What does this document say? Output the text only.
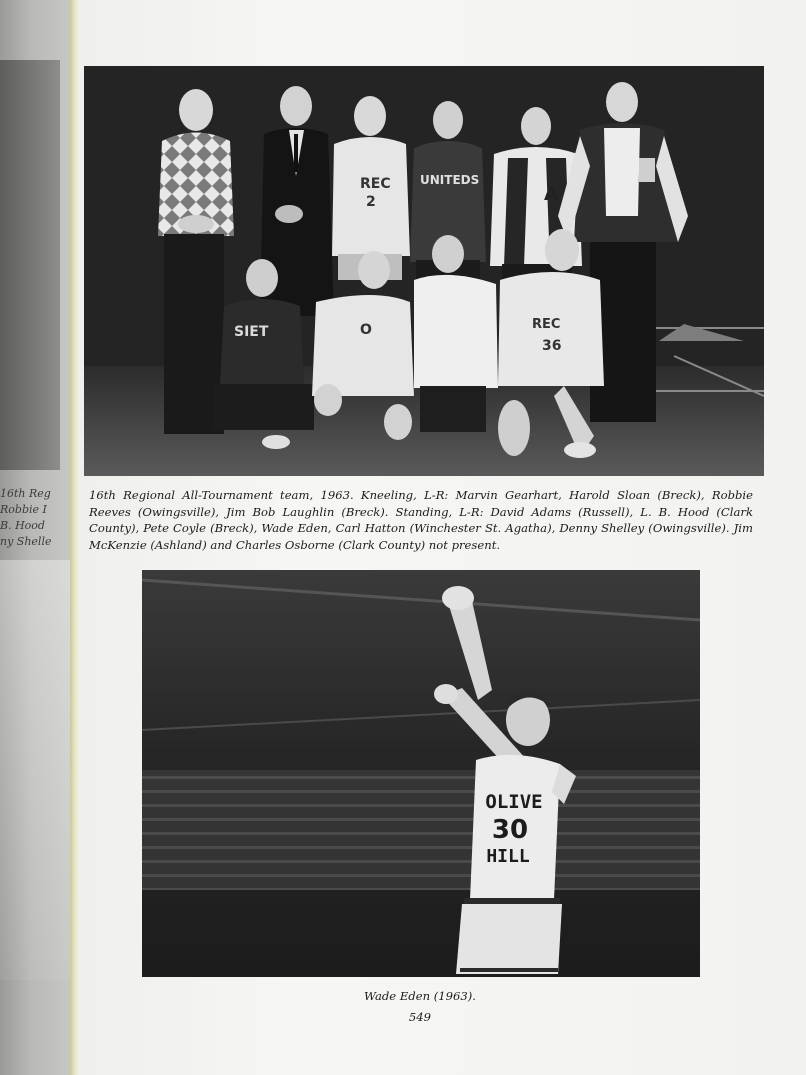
16th Reg
Robbie I
B. Hood
ny Shelle
REC
2
UNITEDS
A
SIET	O	REC
36
16th Regional All-Tournament team, 1963. Kneeling, L-R: Marvin Gearhart, Harold Sloan (Breck), Robbie Reeves (Owingsville), Jim Bob Laughlin (Breck). Standing, L-R: David Adams (Russell), L. B. Hood (Clark County), Pete Coyle (Breck), Wade Eden, Carl Hatton (Winchester St. Agatha), Denny Shelley (Owingsville). Jim McKenzie (Ashland) and Charles Osborne (Clark County) not present.
OLIVE
30
HILL
Wade Eden (1963).
549
